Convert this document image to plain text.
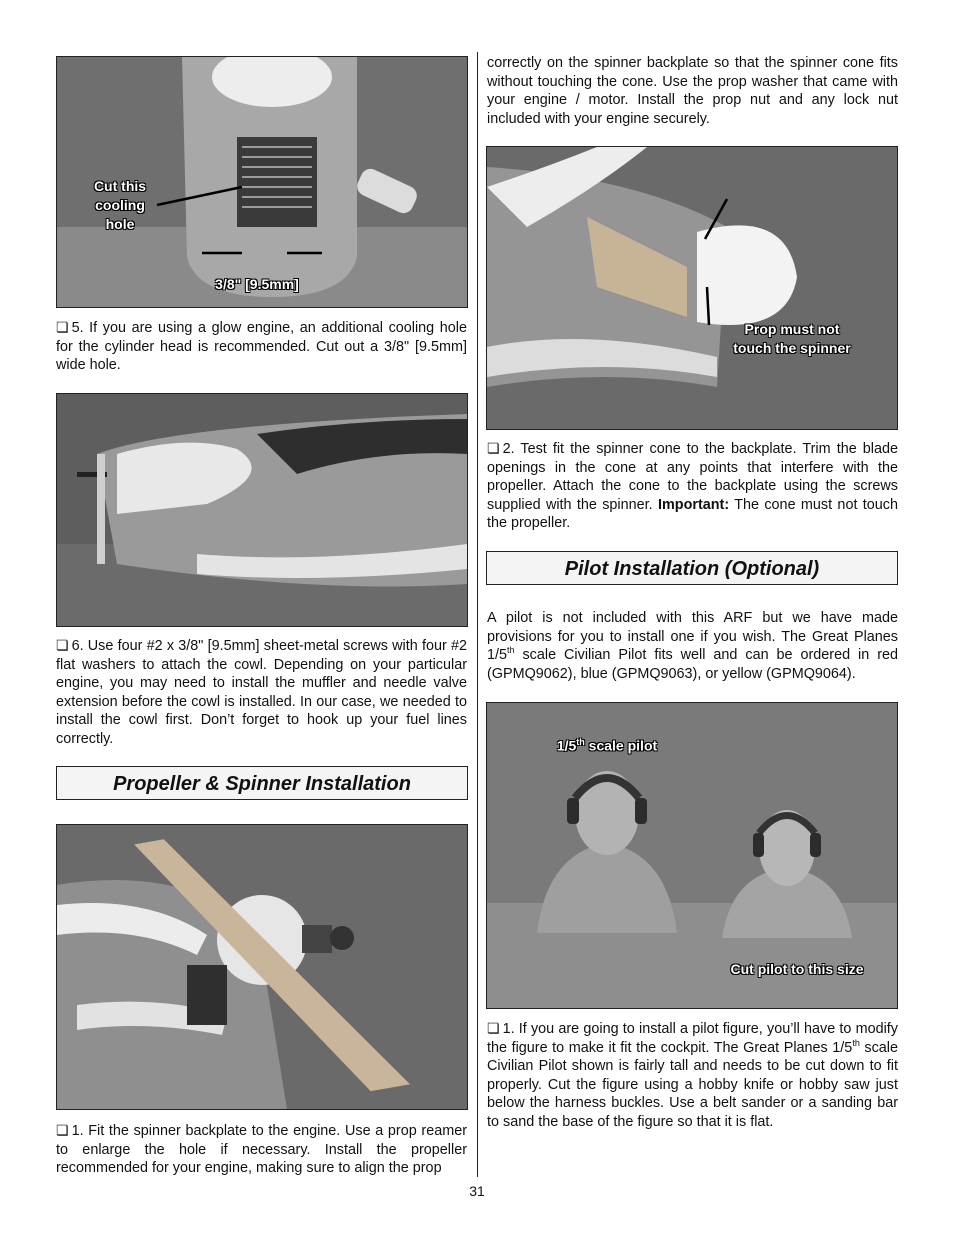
Cut this
cooling
hole
3/8" [9.5mm]

❏ 5. If you are using a glow engine, an additional cooling hole for the cylinder head is recommended. Cut out a 3/8" [9.5mm] wide hole.

❏ 6. Use four #2 x 3/8" [9.5mm] sheet-metal screws with four #2 flat washers to attach the cowl. Depending on your particular engine, you may need to install the muffler and needle valve extension before the cowl is installed. In our case, we needed to install the cowl first. Don’t forget to hook up your fuel lines correctly.

Propeller & Spinner Installation

❏ 1. Fit the spinner backplate to the engine. Use a prop reamer to enlarge the hole if necessary. Install the propeller recommended for your engine, making sure to align the prop

correctly on the spinner backplate so that the spinner cone fits without touching the cone. Use the prop washer that came with your engine / motor. Install the prop nut and any lock nut included with your engine securely.

Prop must not
touch the spinner

❏ 2. Test fit the spinner cone to the backplate. Trim the blade openings in the cone at any points that interfere with the propeller. Attach the cone to the backplate using the screws supplied with the spinner. Important: The cone must not touch the propeller.

Pilot Installation (Optional)

A pilot is not included with this ARF but we have made provisions for you to install one if you wish. The Great Planes 1/5th scale Civilian Pilot fits well and can be ordered in red (GPMQ9062), blue (GPMQ9063), or yellow (GPMQ9064).

1/5th scale pilot
Cut pilot to this size

❏ 1. If you are going to install a pilot figure, you’ll have to modify the figure to make it fit the cockpit. The Great Planes 1/5th scale Civilian Pilot shown is fairly tall and needs to be cut down to fit properly. Cut the figure using a hobby knife or hobby saw just below the harness buckles. Use a belt sander or a sanding bar to sand the base of the figure so that it is flat.

31
